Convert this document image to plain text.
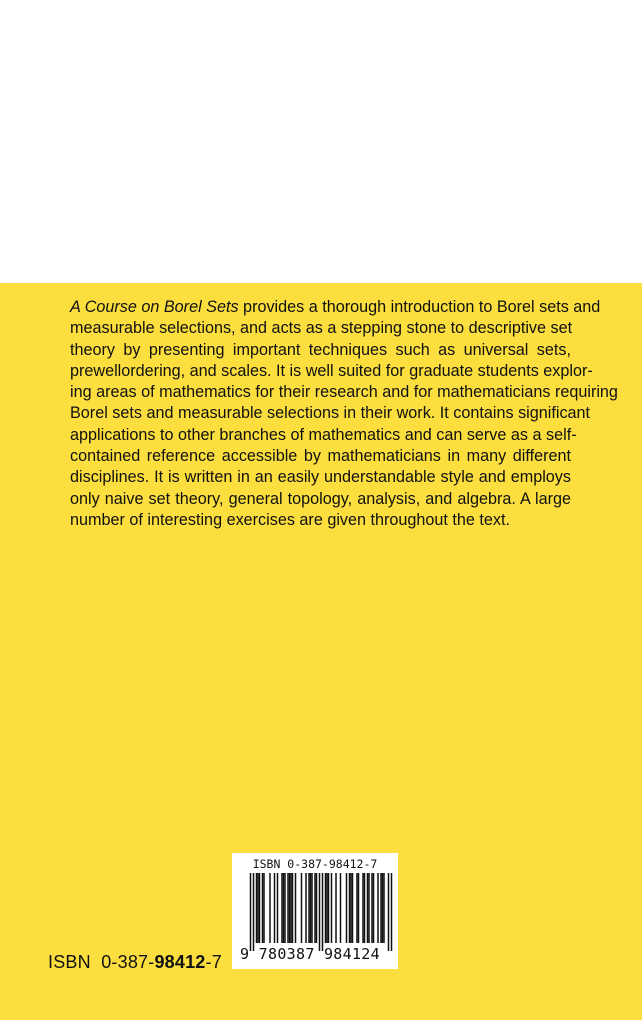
A Course on Borel Sets provides a thorough introduction to Borel sets and
measurable selections, and acts as a stepping stone to descriptive set
theory by presenting important techniques such as universal sets,
prewellordering, and scales. It is well suited for graduate students explor-
ing areas of mathematics for their research and for mathematicians requiring
Borel sets and measurable selections in their work. It contains significant
applications to other branches of mathematics and can serve as a self-
contained reference accessible by mathematicians in many different
disciplines. It is written in an easily understandable style and employs
only naive set theory, general topology, analysis, and algebra. A large
number of interesting exercises are given throughout the text.
ISBN  0-387-98412-7
ISBN 0-387-98412-7
9 780387 984124
